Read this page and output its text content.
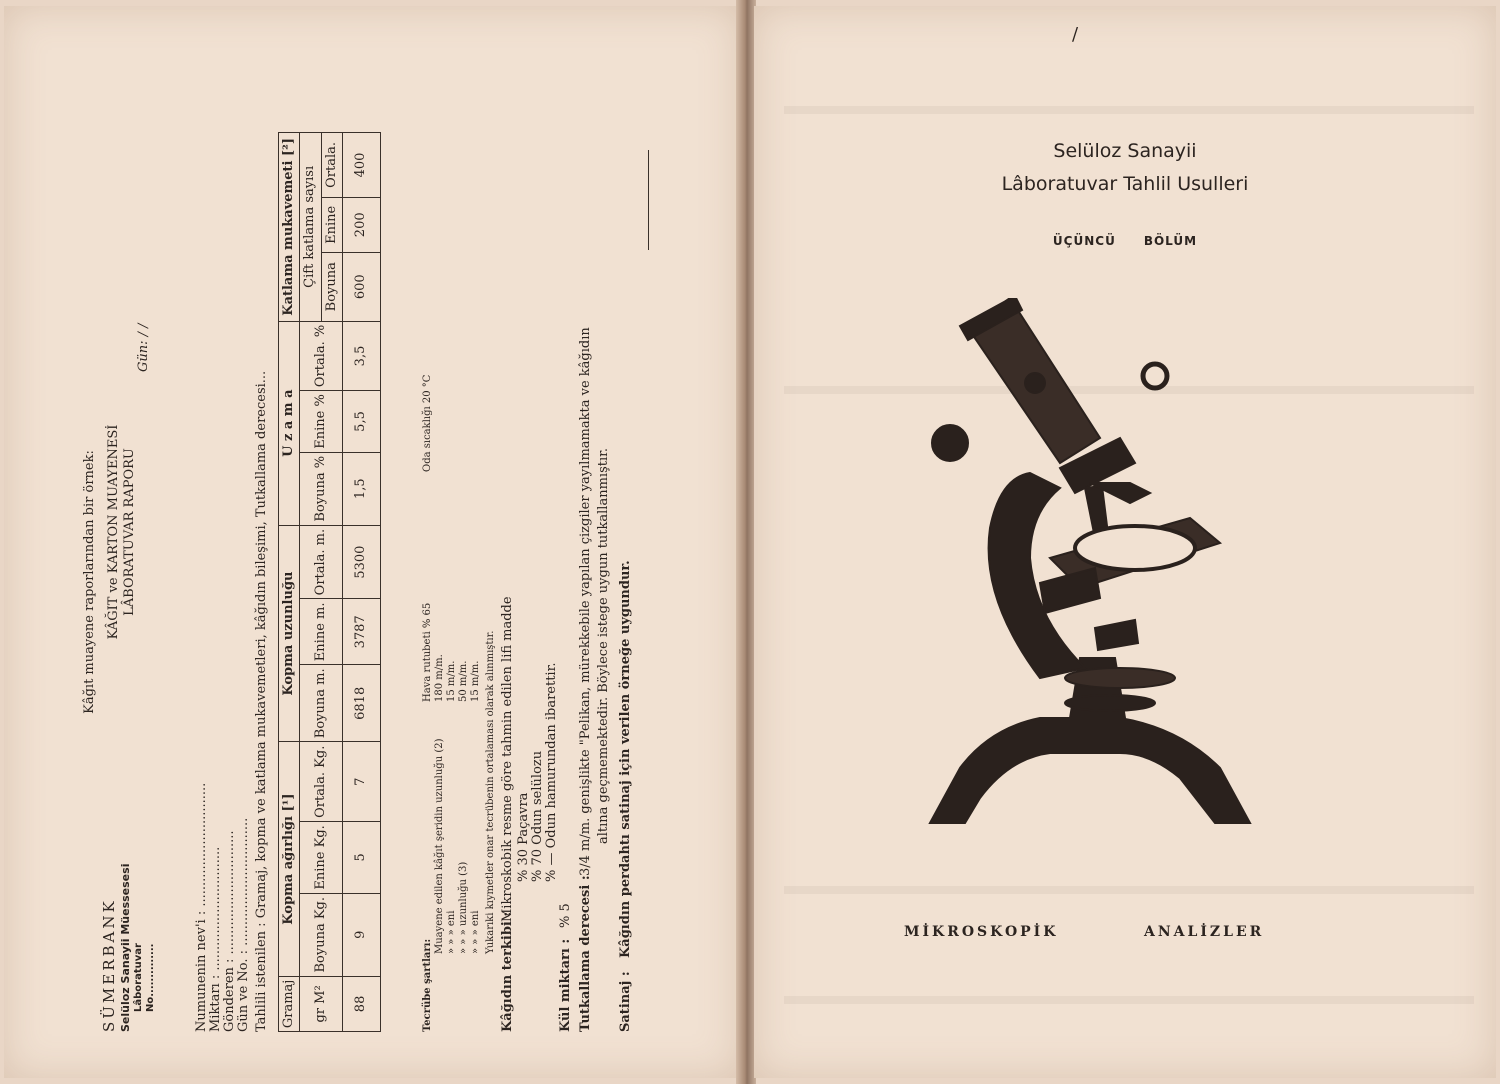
Kâğıt muayene raporlarından bir örnek:
SÜMERBANK Selüloz Sanayii Müessesesi Lâboratuvar No..............
KÂĞIT ve KARTON MUAYENESİ LÂBORATUVAR RAPORU
Gün: / /
Numunenin nev'i : .............................. Miktarı : .............................. Gönderen : .............................. Gün ve No. : ............................... Tahlili istenilen : Gramaj, kopma ve katlama mukavemetleri, kâğıdın bileşimi, Tutkallama derecesi... Gramaj	Kopma ağırlığı [¹]			Kopma uzunluğu			U z a m a			Katlama mukavemeti [²]		
gr M²	Boyuna Kg.	Enine Kg.	Ortala. Kg.	Boyuna m.	Enine m.	Ortala. m.	Boyuna %	Enine %	Ortala. %	Çift katlama sayısı		
										Boyuna	Enine	Ortala.
88	9	5	7	6818	3787	5300	1,5	5,5	3,5	600	200	400
Tecrübe şartları:
Hava rutubeti % 65
Oda sıcaklığı 20 °C
Muayene edilen kâğıt şeridin uzunluğu (2)
180 m/m.
» » » eni
15 m/m.
» » » uzunluğu (3)
50 m/m.
» » » eni
15 m/m. Yukarıki kıymetler onar tecrübenin ortalaması olarak alınmıştır.
Kâğıdın terkibi :
Mikroskobik resme göre tahmin edilen lifi madde % 30 Paçavra % 70 Odun selülozu % — Odun hamurundan ibarettir.
Kül miktarı :
% 5 Tutkallama derecesi :
3/4 m/m. genişlikte "Pelikan, mürekkebile yapılan çizgiler yayılmamakta ve kâğıdın altına geçmemektedir. Böylece istege uygun tutkallanmıştır.
Satinaj :
Kâğıdın perdahtı satinaj için verilen örneğe uygundur.
/
Selüloz Sanayii
Lâboratuvar Tahlil Usulleri
ÜÇÜNCÜ BÖLÜM
MİKROSKOPİK	ANALİZLER
